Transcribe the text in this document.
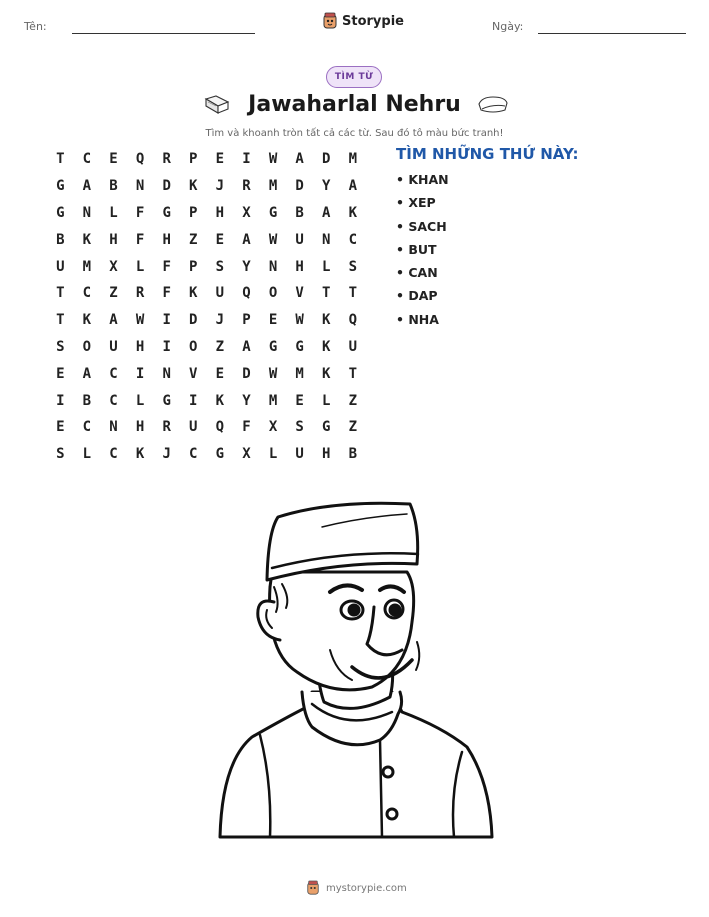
Tên:	Storypie	Ngày:
TÌM TỪ
Jawaharlal Nehru
Tìm và khoanh tròn tất cả các từ. Sau đó tô màu bức tranh!
T	C	E	Q	R	P	E	I	W	A	D	M
G	A	B	N	D	K	J	R	M	D	Y	A
G	N	L	F	G	P	H	X	G	B	A	K
B	K	H	F	H	Z	E	A	W	U	N	C
U	M	X	L	F	P	S	Y	N	H	L	S
T	C	Z	R	F	K	U	Q	O	V	T	T
T	K	A	W	I	D	J	P	E	W	K	Q
S	O	U	H	I	O	Z	A	G	G	K	U
E	A	C	I	N	V	E	D	W	M	K	T
I	B	C	L	G	I	K	Y	M	E	L	Z
E	C	N	H	R	U	Q	F	X	S	G	Z
S	L	C	K	J	C	G	X	L	U	H	B
TÌM NHỮNG THỨ NÀY:
• KHAN
• XEP
• SACH
• BUT
• CAN
• DAP
• NHA
mystorypie.com
